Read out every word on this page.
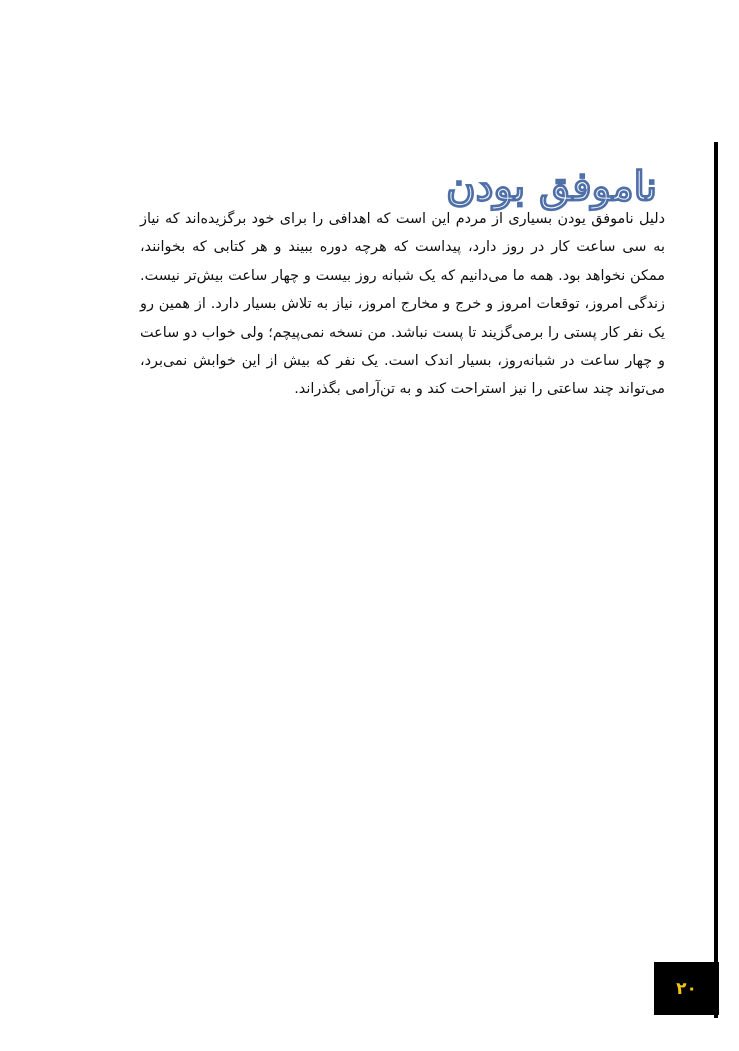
ناموفق بودن

دلیل ناموفق یودن بسیاری از مردم این است که اهدافی را برای خود برگزیده‌اند که نیاز به سی ساعت کار در روز دارد، پیداست که هرچه دوره ببیند و هر کتابی که بخوانند، ممکن نخواهد بود. همه ما می‌دانیم که یک شبانه روز بیست و چهار ساعت بیش‌تر نیست. زندگی امروز، توقعات امروز و خرج و مخارج امروز، نیاز به تلاش بسیار دارد. از همین رو یک نفر کار پستی را برمی‌گزیند تا پست نباشد. من نسخه نمی‌پیچم؛ ولی خواب دو ساعت و چهار ساعت در شبانه‌روز، بسیار اندک است. یک نفر که بیش از این خوابش نمی‌برد، می‌تواند چند ساعتی را نیز استراحت کند و به تن‌آرامی بگذراند.

۲۰
